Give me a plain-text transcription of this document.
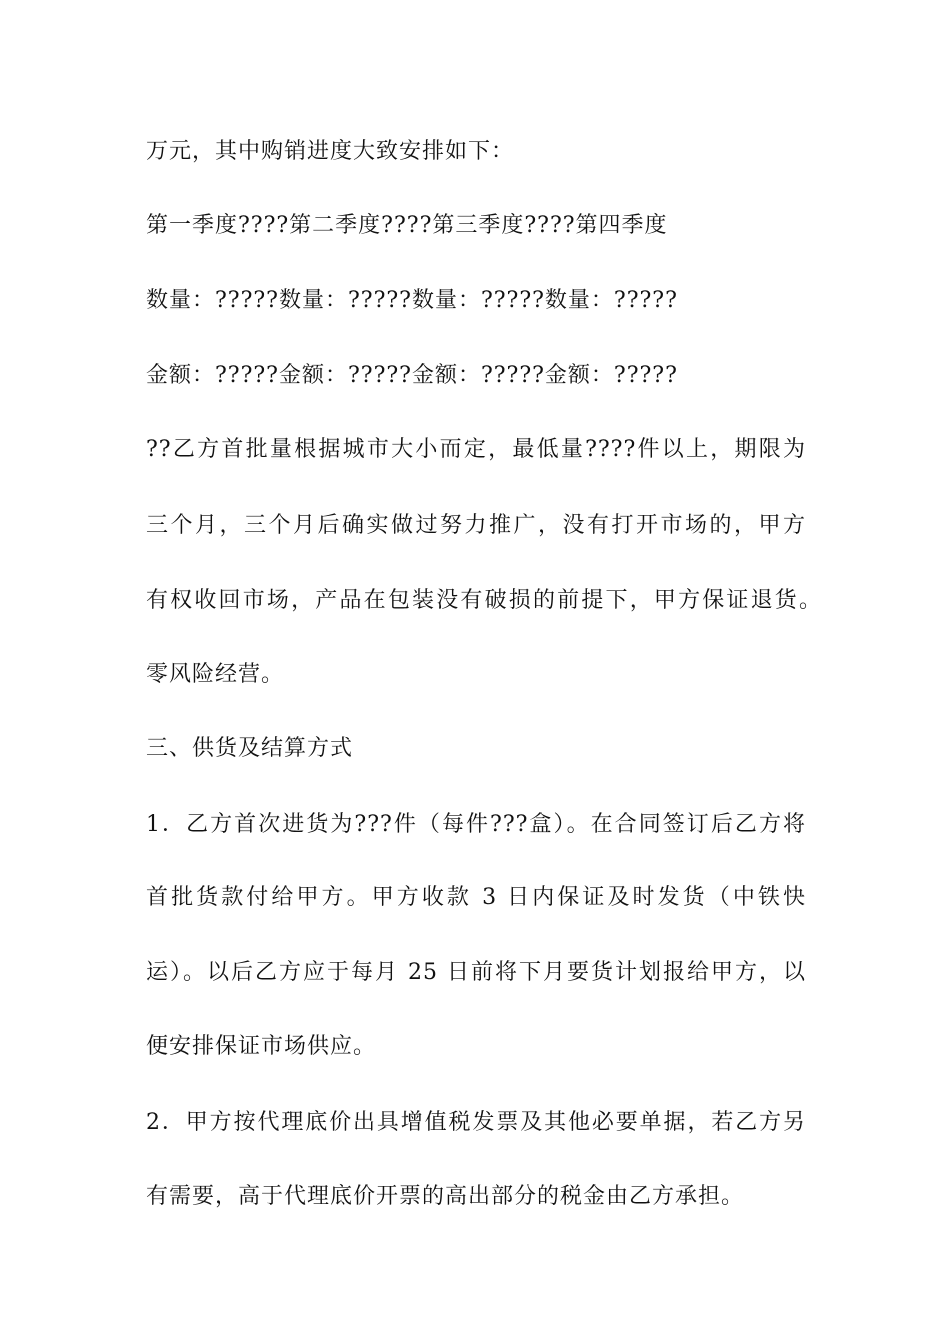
万元，其中购销进度大致安排如下：
第一季度????第二季度????第三季度????第四季度
数量：?????数量：?????数量：?????数量：?????
金额：?????金额：?????金额：?????金额：?????
??乙方首批量根据城市大小而定，最低量????件以上，期限为
三个月，三个月后确实做过努力推广，没有打开市场的，甲方
有权收回市场，产品在包装没有破损的前提下，甲方保证退货。
零风险经营。
三、供货及结算方式
1．乙方首次进货为???件（每件???盒）。在合同签订后乙方将
首批货款付给甲方。甲方收款 3 日内保证及时发货（中铁快
运）。以后乙方应于每月 25 日前将下月要货计划报给甲方，以
便安排保证市场供应。
2．甲方按代理底价出具增值税发票及其他必要单据，若乙方另
有需要，高于代理底价开票的高出部分的税金由乙方承担。
